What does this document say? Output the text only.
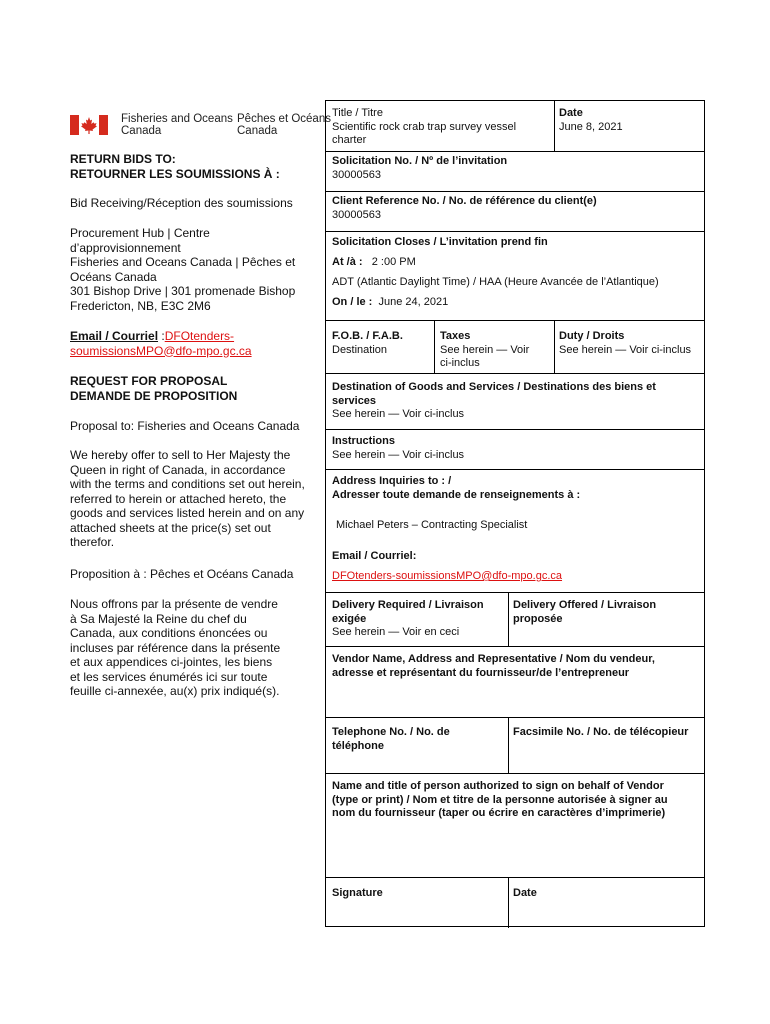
Fisheries and Oceans
Canada
Pêches et Océans
Canada
RETURN BIDS TO:
RETOURNER LES SOUMISSIONS À :
Bid Receiving/Réception des soumissions
Procurement Hub | Centre
d’approvisionnement
Fisheries and Oceans Canada | Pêches et
Océans Canada
301 Bishop Drive | 301 promenade Bishop
Fredericton, NB, E3C 2M6
Email / Courriel :DFOtenders-
soumissionsMPO@dfo-mpo.gc.ca
REQUEST FOR PROPOSAL
DEMANDE DE PROPOSITION
Proposal to: Fisheries and Oceans Canada
We hereby offer to sell to Her Majesty the
Queen in right of Canada, in accordance
with the terms and conditions set out herein,
referred to herein or attached hereto, the
goods and services listed herein and on any
attached sheets at the price(s) set out
therefor.
Proposition à : Pêches et Océans Canada
Nous offrons par la présente de vendre
à Sa Majesté la Reine du chef du
Canada, aux conditions énoncées ou
incluses par référence dans la présente
et aux appendices ci-jointes, les biens
et les services énumérés ici sur toute
feuille ci-annexée, au(x) prix indiqué(s).
Title / Titre
Scientific rock crab trap survey vessel
charter
Date
June 8, 2021
Solicitation No. / Nº de l’invitation
30000563
Client Reference No. / No. de référence du client(e)
30000563
Solicitation Closes / L’invitation prend fin
At /à : 2 :00 PM
ADT (Atlantic Daylight Time) / HAA (Heure Avancée de l’Atlantique)
On / le : June 24, 2021
F.O.B. / F.A.B.
Destination
Taxes
See herein — Voir
ci-inclus
Duty / Droits
See herein — Voir ci-inclus
Destination of Goods and Services / Destinations des biens et
services
See herein — Voir ci-inclus
Instructions
See herein — Voir ci-inclus
Address Inquiries to : /
Adresser toute demande de renseignements à :
Michael Peters – Contracting Specialist
Email / Courriel:
DFOtenders-soumissionsMPO@dfo-mpo.gc.ca
Delivery Required / Livraison
exigée
See herein — Voir en ceci
Delivery Offered / Livraison
proposée
Vendor Name, Address and Representative / Nom du vendeur,
adresse et représentant du fournisseur/de l’entrepreneur
Telephone No. / No. de
téléphone
Facsimile No. / No. de télécopieur
Name and title of person authorized to sign on behalf of Vendor
(type or print) / Nom et titre de la personne autorisée à signer au
nom du fournisseur (taper ou écrire en caractères d’imprimerie)
Signature	Date
